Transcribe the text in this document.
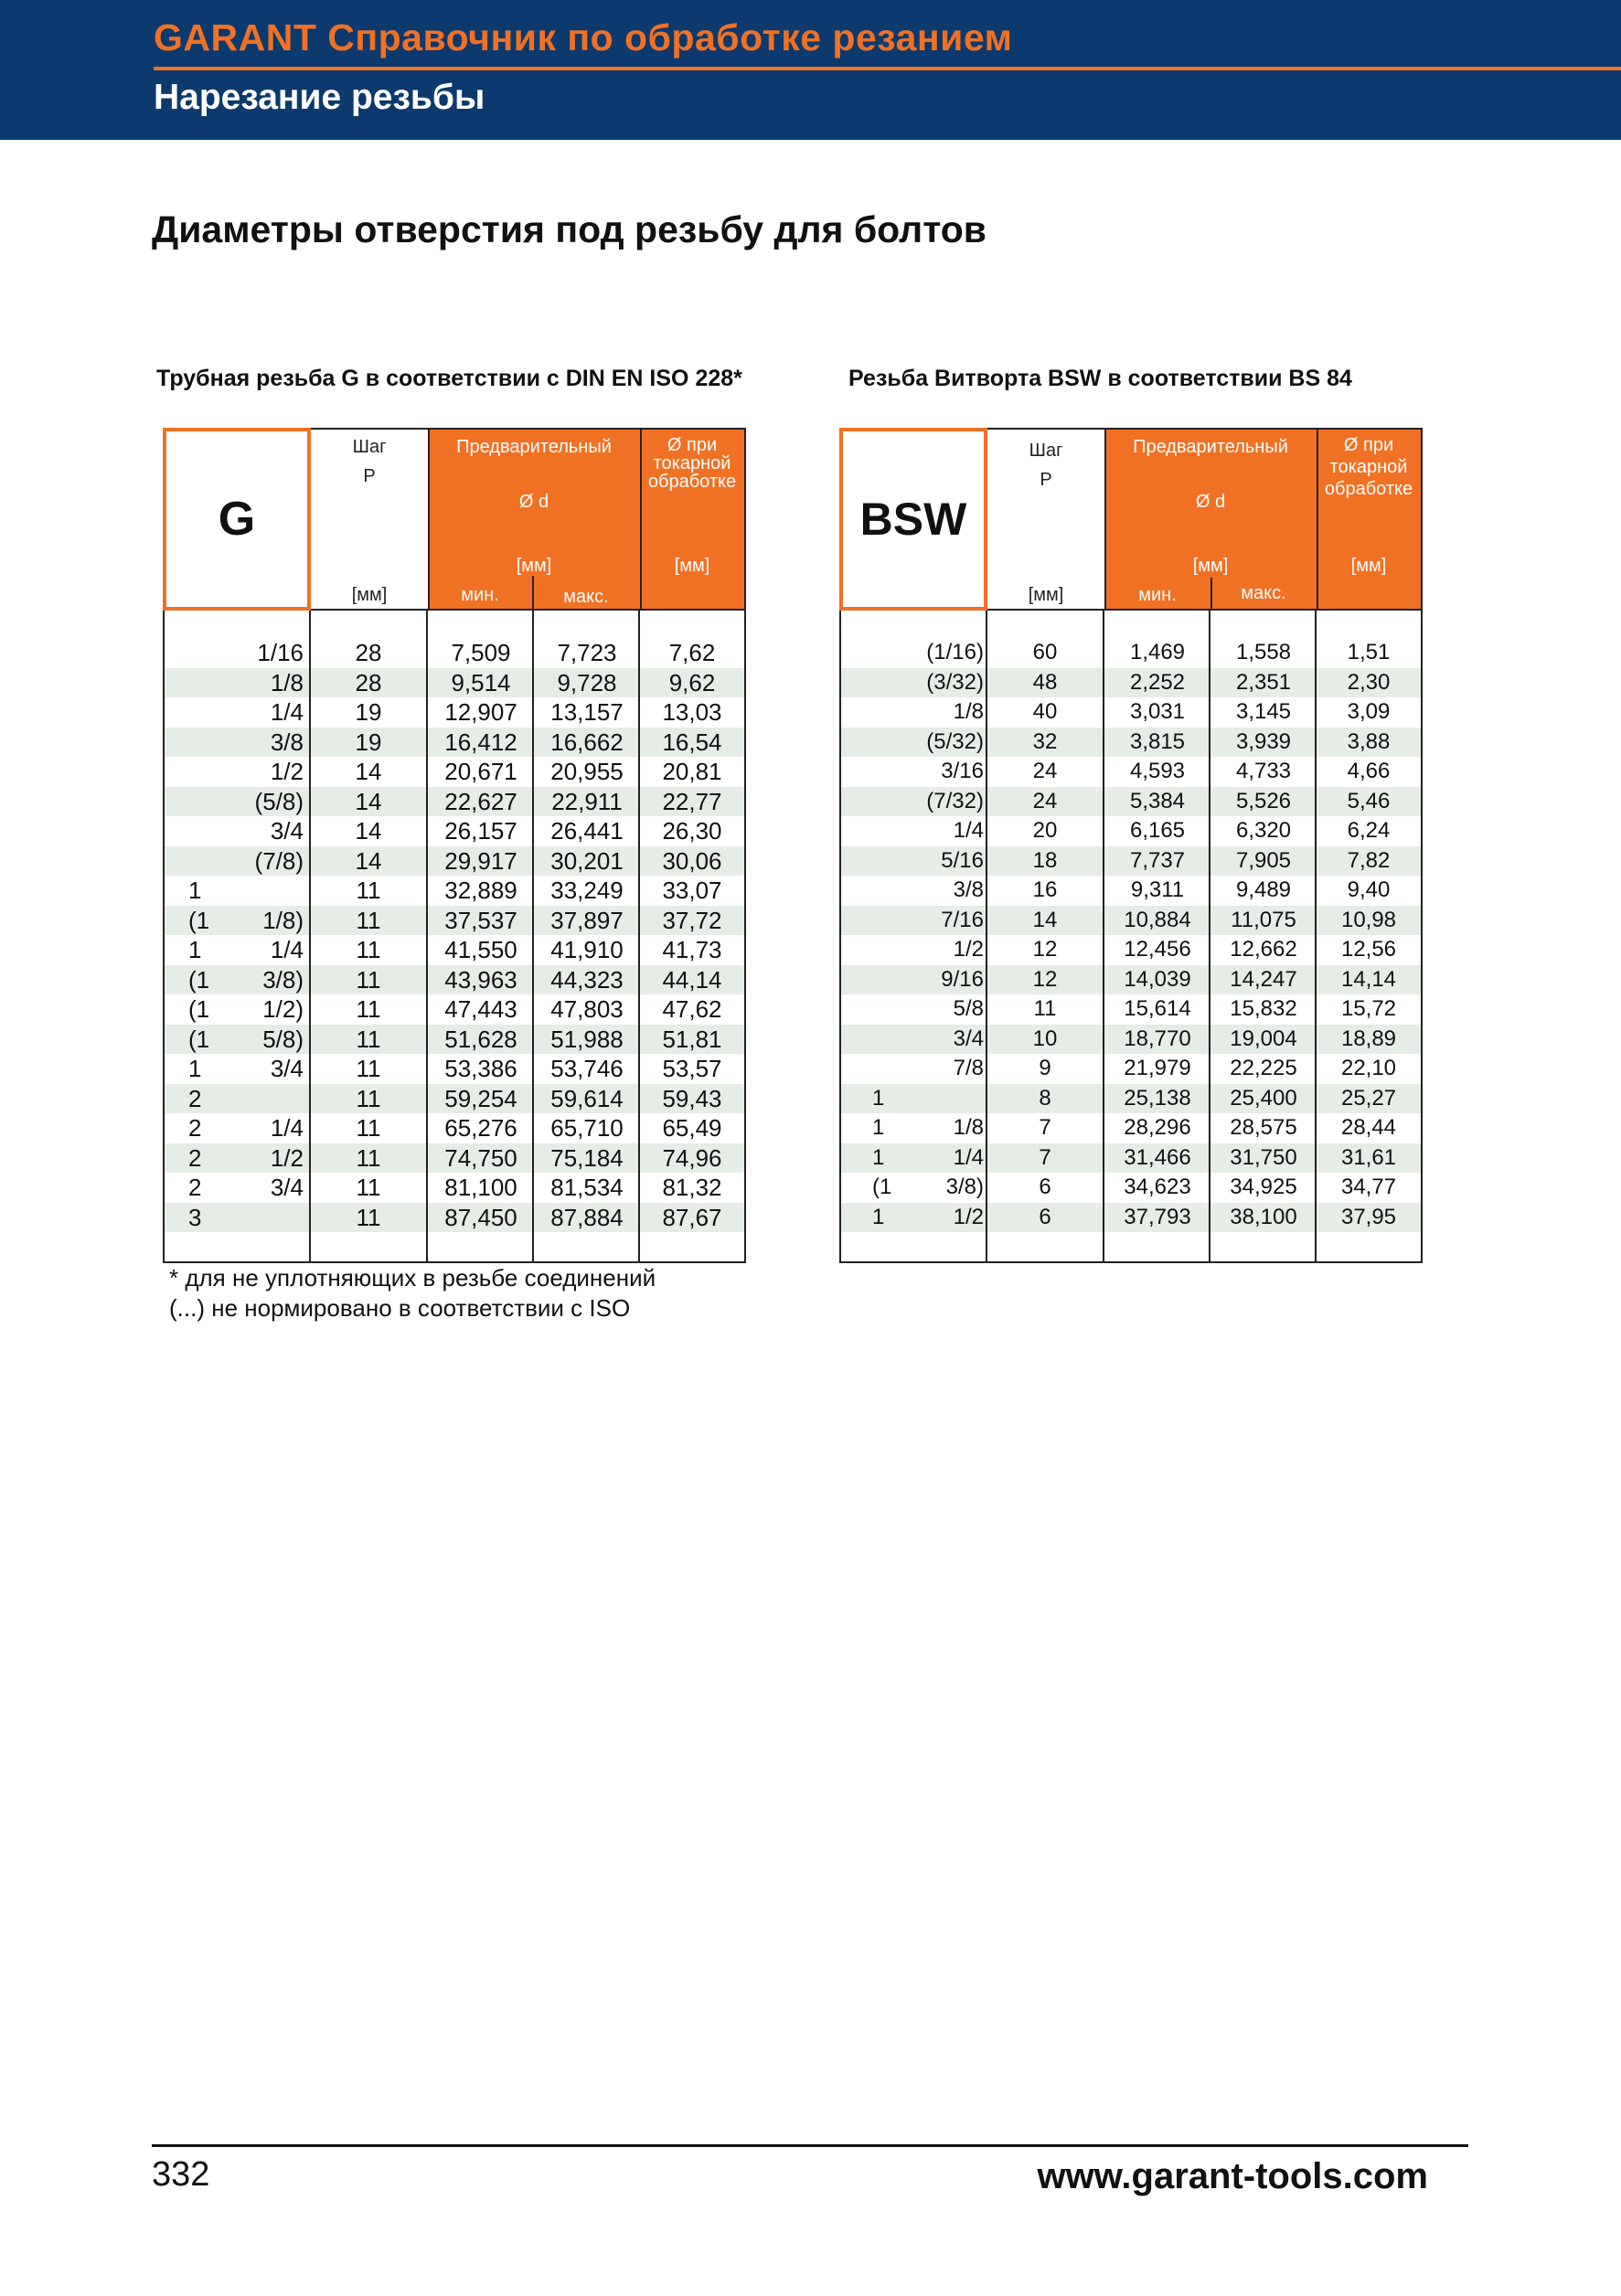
GARANT Справочник по обработке резанием
Нарезание резьбы
Диаметры отверстия под резьбу для болтов
Трубная резьба G в соответствии с DIN EN ISO 228*	Резьба Витворта BSW в соответствии BS 84
G
Шаг
P
[мм]
Предварительный
Ø d
[мм]
мин.	макс.
Ø при
токарной
обработке
[мм]
1/16	28	7,509	7,723	7,62
1/8	28	9,514	9,728	9,62
1/4	19	12,907	13,157	13,03
3/8	19	16,412	16,662	16,54
1/2	14	20,671	20,955	20,81
(5/8)	14	22,627	22,911	22,77
3/4	14	26,157	26,441	26,30
(7/8)	14	29,917	30,201	30,06
1	11	32,889	33,249	33,07
(1	1/8)	11	37,537	37,897	37,72
1	1/4	11	41,550	41,910	41,73
(1	3/8)	11	43,963	44,323	44,14
(1	1/2)	11	47,443	47,803	47,62
(1	5/8)	11	51,628	51,988	51,81
1	3/4	11	53,386	53,746	53,57
2	11	59,254	59,614	59,43
2	1/4	11	65,276	65,710	65,49
2	1/2	11	74,750	75,184	74,96
2	3/4	11	81,100	81,534	81,32
3	11	87,450	87,884	87,67
BSW
Шаг
P
[мм]
Предварительный
Ø d
[мм]
мин.	макс.
Ø при
токарной
обработке
[мм]
(1/16)	60	1,469	1,558	1,51
(3/32)	48	2,252	2,351	2,30
1/8	40	3,031	3,145	3,09
(5/32)	32	3,815	3,939	3,88
3/16	24	4,593	4,733	4,66
(7/32)	24	5,384	5,526	5,46
1/4	20	6,165	6,320	6,24
5/16	18	7,737	7,905	7,82
3/8	16	9,311	9,489	9,40
7/16	14	10,884	11,075	10,98
1/2	12	12,456	12,662	12,56
9/16	12	14,039	14,247	14,14
5/8	11	15,614	15,832	15,72
3/4	10	18,770	19,004	18,89
7/8	9	21,979	22,225	22,10
1	8	25,138	25,400	25,27
1	1/8	7	28,296	28,575	28,44
1	1/4	7	31,466	31,750	31,61
(1	3/8)	6	34,623	34,925	34,77
1	1/2	6	37,793	38,100	37,95
* для не уплотняющих в резьбе соединений
(...) не нормировано в соответствии с ISO
332	www.garant-tools.com
